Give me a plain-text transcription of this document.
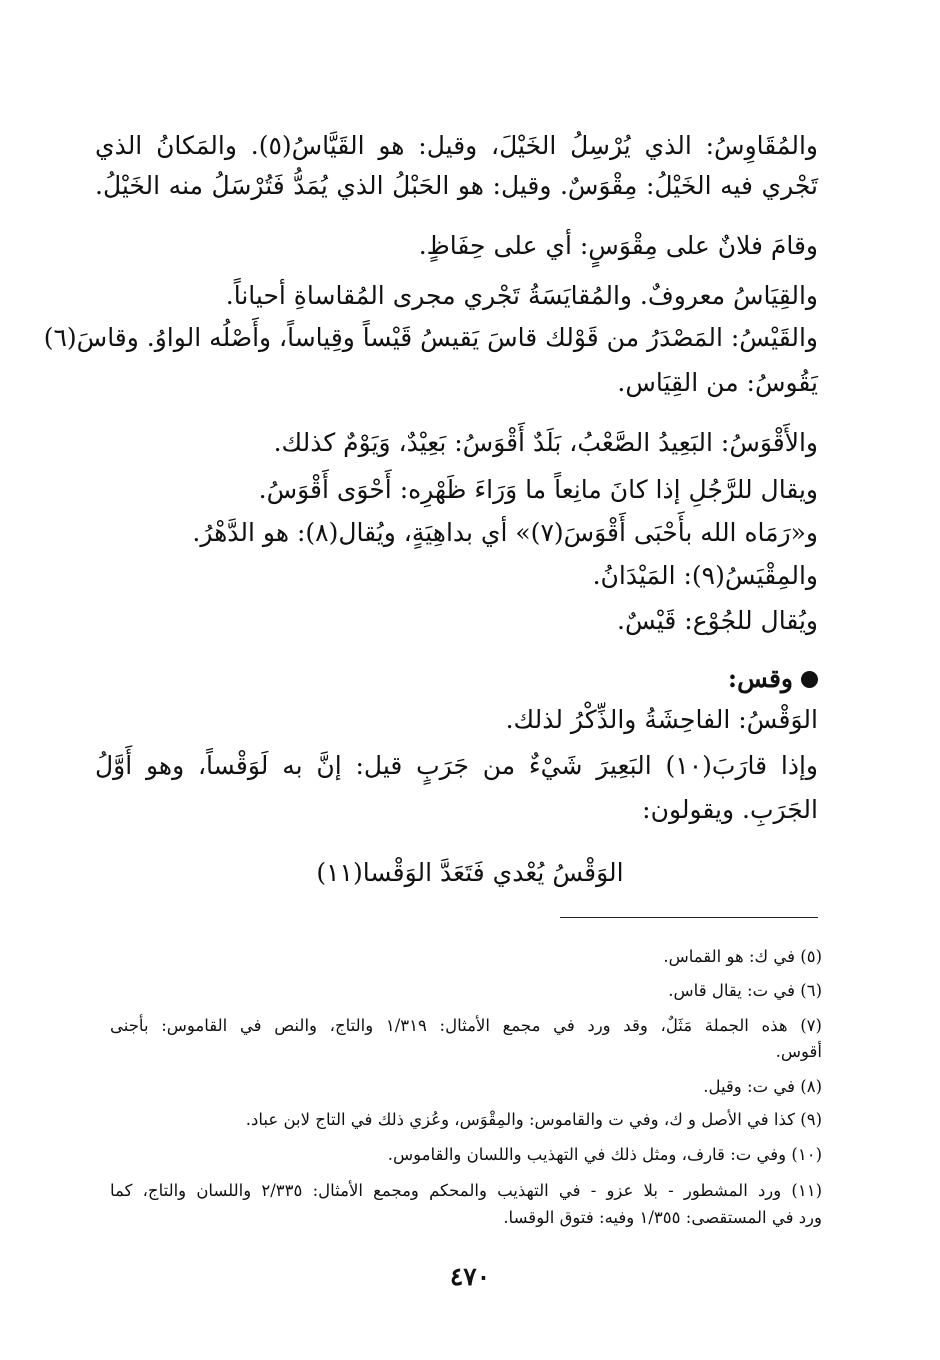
والمُقَاوِسُ: الذي يُرْسِلُ الخَيْلَ، وقيل: هو القَيَّاسُ(٥). والمَكانُ الذي
تَجْري فيه الخَيْلُ: مِقْوَسٌ. وقيل: هو الحَبْلُ الذي يُمَدُّ فَتُرْسَلُ منه الخَيْلُ.
وقامَ فلانٌ على مِقْوَسٍ: أي على حِفَاظٍ.
والقِيَاسُ معروفٌ. والمُقايَسَةُ تَجْري مجرى المُقاساةِ أحياناً.
والقَيْسُ: المَصْدَرُ من قَوْلك قاسَ يَقيسُ قَيْساً وقِياساً، وأَصْلُه الواوُ. وقاسَ(٦)
يَقُوسُ: من القِيَاس.
والأَقْوَسُ: البَعِيدُ الصَّعْبُ، بَلَدٌ أَقْوَسُ: بَعِيْدٌ، وَيَوْمٌ كذلك.
ويقال للرَّجُلِ إذا كانَ مانِعاً ما وَرَاءَ ظَهْرِه: أَحْوَى أَقْوَسُ.
و«رَمَاه الله بأَحْبَى أَقْوَسَ(٧)» أي بداهِيَةٍ، ويُقال(٨): هو الدَّهْرُ.
والمِقْيَسُ(٩): المَيْدَانُ.
ويُقال للجُوْع: قَيْسٌ.
وقس:
الوَقْسُ: الفاحِشَةُ والذِّكْرُ لذلك.
وإذا قارَبَ(١٠) البَعِيرَ شَيْءٌ من جَرَبٍ قيل: إنَّ به لَوَقْساً، وهو أَوَّلُ
الجَرَبِ. ويقولون:
الوَقْسُ يُعْدي فَتَعَدَّ الوَقْسا(١١)
(٥) في ك: هو القماس.
(٦) في ت: يقال قاس.
(٧) هذه الجملة مَثَلٌ، وقد ورد في مجمع الأمثال: ١/٣١٩ والتاج، والنص في القاموس: بأجنى
أقوس.
(٨) في ت: وقيل.
(٩) كذا في الأصل و ك، وفي ت والقاموس: والمِقْوَس، وعُزي ذلك في التاج لابن عباد.
(١٠) وفي ت: قارف، ومثل ذلك في التهذيب واللسان والقاموس.
(١١) ورد المشطور - بلا عزو - في التهذيب والمحكم ومجمع الأمثال: ٢/٣٣٥ واللسان والتاج، كما
ورد في المستقصى: ١/٣٥٥ وفيه: فتوق الوقسا.
٤٧٠
